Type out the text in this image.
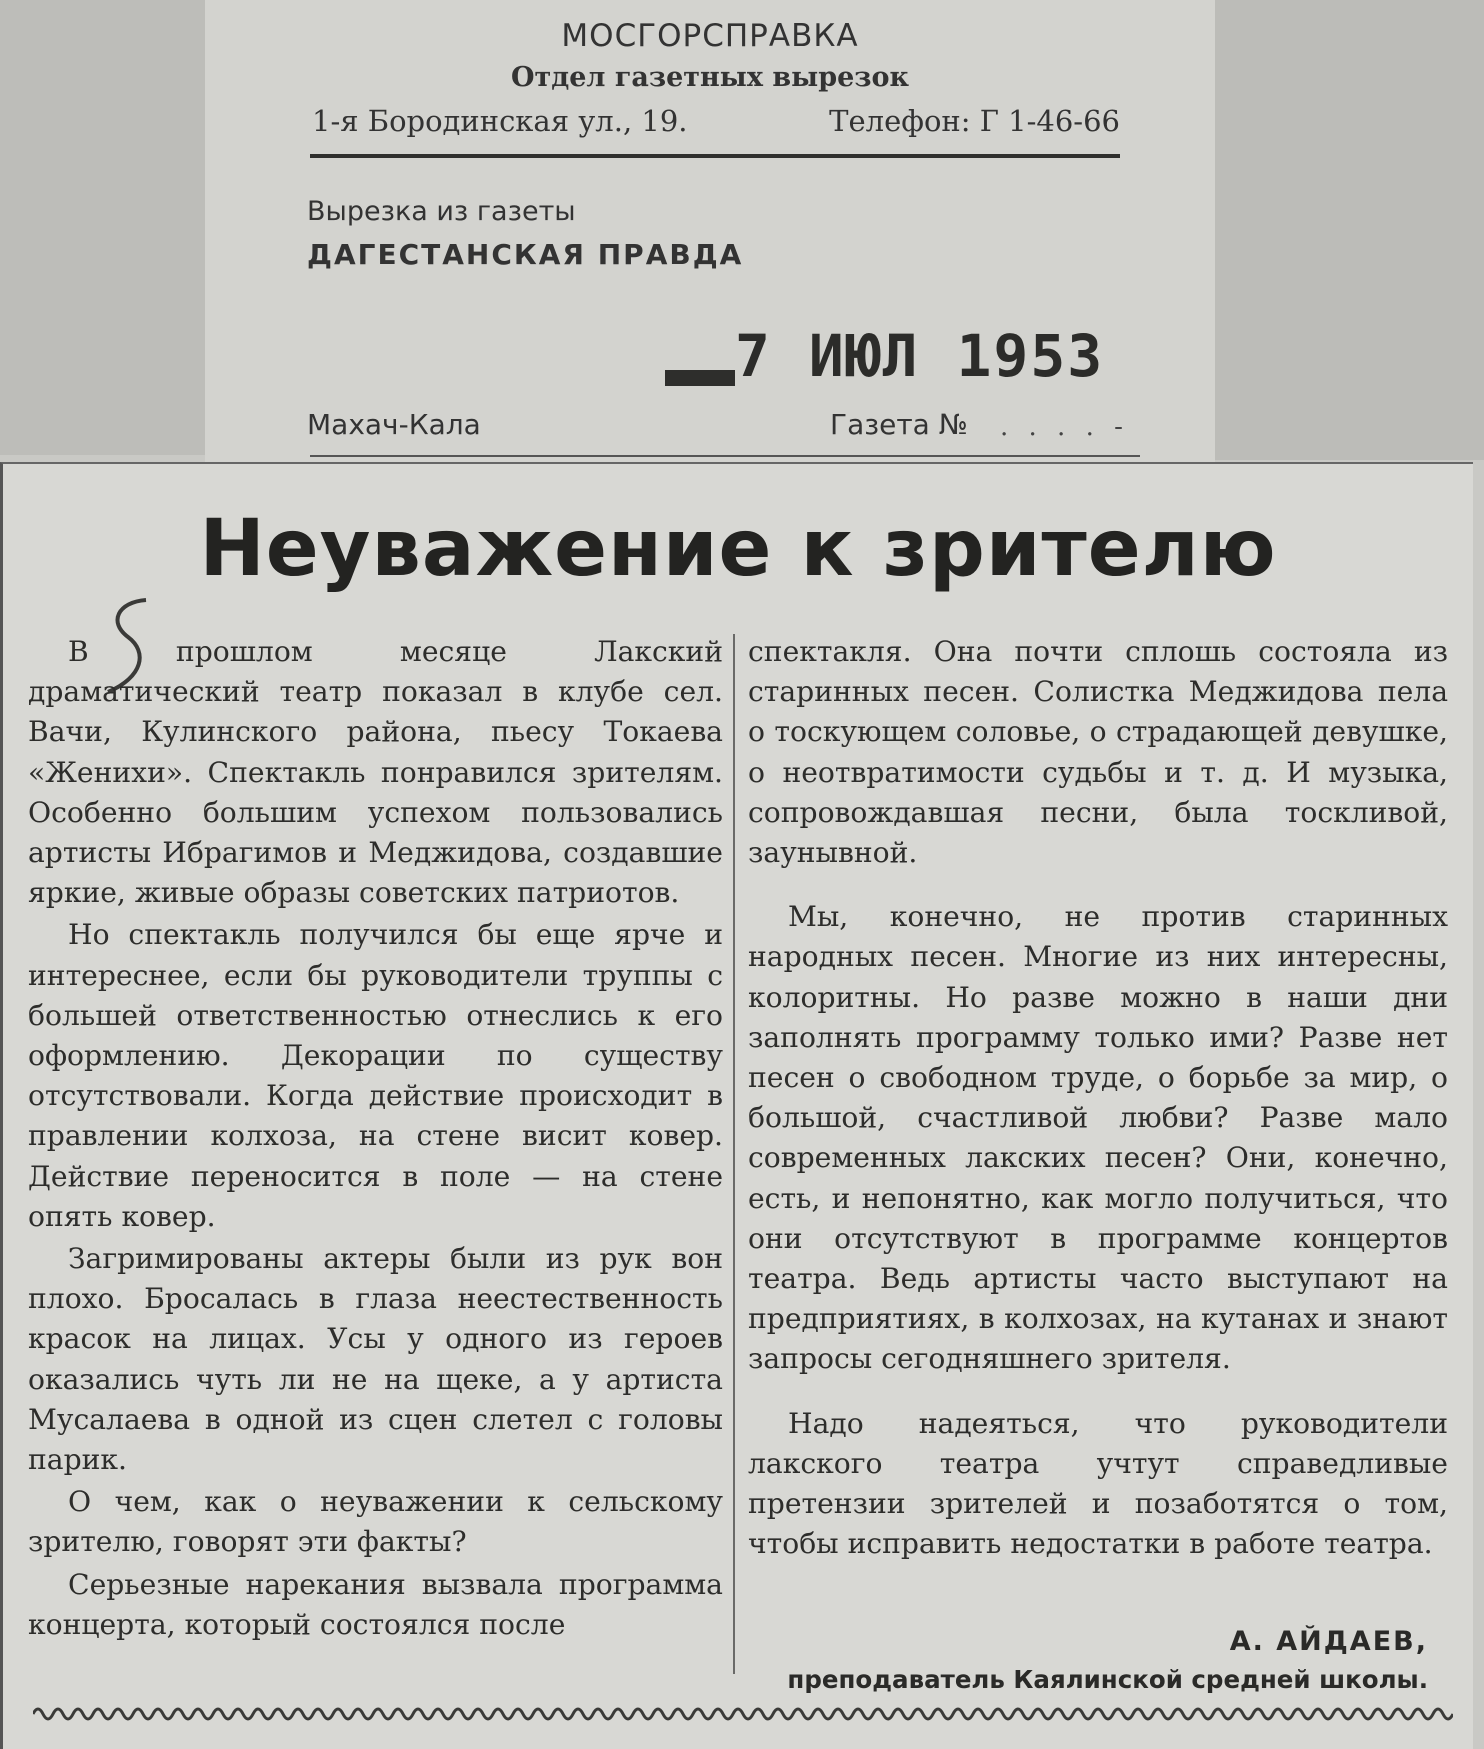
МОСГОРСПРАВКА
Отдел газетных вырезок
1-я Бородинская ул., 19.	Телефон: Г 1-46-66
Вырезка из газеты
ДАГЕСТАНСКАЯ ПРАВДА
7 ИЮЛ 1953
Махач-Кала	Газета № . . . . -
Неуважение к зрителю

В прошлом месяце Лакский драматический театр показал в клубе сел. Вачи, Кулинского района, пьесу Токаева «Женихи». Спектакль понравился зрителям. Особенно большим успехом пользовались артисты Ибрагимов и Меджидова, создавшие яркие, живые образы советских патриотов.

Но спектакль получился бы еще ярче и интереснее, если бы руководители труппы с большей ответственностью отнеслись к его оформлению. Декорации по существу отсутствовали. Когда действие происходит в правлении колхоза, на стене висит ковер. Действие переносится в поле — на стене опять ковер.

Загримированы актеры были из рук вон плохо. Бросалась в глаза неестественность красок на лицах. Усы у одного из героев оказались чуть ли не на щеке, а у артиста Мусалаева в одной из сцен слетел с головы парик.

О чем, как о неуважении к сельскому зрителю, говорят эти факты?

Серьезные нарекания вызвала программа концерта, который состоялся после

спектакля. Она почти сплошь состояла из старинных песен. Солистка Меджидова пела о тоскующем соловье, о страдающей девушке, о неотвратимости судьбы и т. д. И музыка, сопровождавшая песни, была тоскливой, заунывной.

Мы, конечно, не против старинных народных песен. Многие из них интересны, колоритны. Но разве можно в наши дни заполнять программу только ими? Разве нет песен о свободном труде, о борьбе за мир, о большой, счастливой любви? Разве мало современных лакских песен? Они, конечно, есть, и непонятно, как могло получиться, что они отсутствуют в программе концертов театра. Ведь артисты часто выступают на предприятиях, в колхозах, на кутанах и знают запросы сегодняшнего зрителя.

Надо надеяться, что руководители лакского театра учтут справедливые претензии зрителей и позаботятся о том, чтобы исправить недостатки в работе театра.

А. АЙДАЕВ,
преподаватель Каялинской средней школы.
